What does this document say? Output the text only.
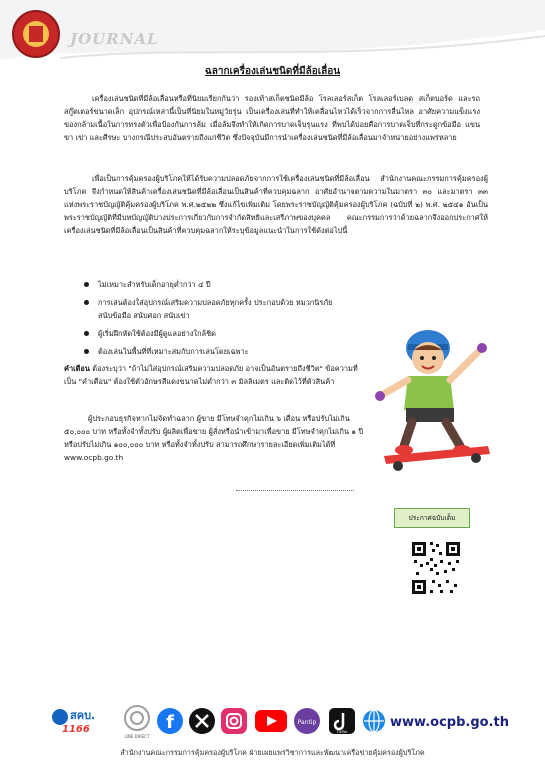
JOURNAL
ฉลากเครื่องเล่นชนิดที่มีล้อเลื่อน

เครื่องเล่นชนิดที่มีล้อเลื่อนหรือที่นิยมเรียกกันว่า รองเท้าสเก็ตชนิดมีล้อ โรลเลอร์สเก็ต โรลเลอร์เบลด สเก็ตบอร์ด และรถสกู๊ตเตอร์ขนาดเล็ก อุปกรณ์เหล่านี้เป็นที่นิยมในหมู่วัยรุ่น เป็นเครื่องเล่นที่ทำให้เคลื่อนไหวได้เร็วจากการลื่นไหล อาศัยความแข็งแรงของกล้ามเนื้อในการทรงตัวเพื่อป้องกันการล้ม เมื่อล้มจึงทำให้เกิดการบาดเจ็บรุนแรง ที่พบได้บ่อยคือการบาดเจ็บที่กระดูกข้อมือ แขน ขา เข่า และศีรษะ บางกรณีประสบอันตรายถึงแก่ชีวิต ซึ่งปัจจุบันมีการนำเครื่องเล่นชนิดที่มีล้อเลื่อนมาจำหน่ายอย่างแพร่หลาย

เพื่อเป็นการคุ้มครองผู้บริโภคให้ได้รับความปลอดภัยจากการใช้เครื่องเล่นชนิดที่มีล้อเลื่อน สำนักงานคณะกรรมการคุ้มครองผู้บริโภค จึงกำหนดให้สินค้าเครื่องเล่นชนิดที่มีล้อเลื่อนเป็นสินค้าที่ควบคุมฉลาก อาศัยอำนาจตามความในมาตรา ๓๐ และมาตรา ๓๓ แห่งพระราชบัญญัติคุ้มครองผู้บริโภค พ.ศ.๒๕๒๒ ซึ่งแก้ไขเพิ่มเติม โดยพระราชบัญญัติคุ้มครองผู้บริโภค (ฉบับที่ ๒) พ.ศ. ๒๕๔๑ อันเป็นพระราชบัญญัติที่มีบทบัญญัติบางประการเกี่ยวกับการจำกัดสิทธิและเสรีภาพของบุคคล คณะกรรมการว่าด้วยฉลากจึงออกประกาศให้เครื่องเล่นชนิดที่มีล้อเลื่อนเป็นสินค้าที่ควบคุมฉลากให้ระบุข้อมูลแนะนำในการใช้ดังต่อไปนี้

ไม่เหมาะสำหรับเด็กอายุต่ำกว่า ๔ ปี
การเล่นต้องใส่อุปกรณ์เสริมความปลอดภัยทุกครั้ง ประกอบด้วย หมวกนิรภัย สนับข้อมือ สนับศอก สนับเข่า
ผู้เริ่มฝึกหัดใช้ต้องมีผู้ดูแลอย่างใกล้ชิด
ต้องเล่นในพื้นที่ที่เหมาะสมกับการเล่นโดยเฉพาะ

คำเตือน ต้องระบุว่า "ถ้าไม่ใส่อุปกรณ์เสริมความปลอดภัย อาจเป็นอันตรายถึงชีวิต" ข้อความที่เป็น "คำเตือน" ต้องใช้ตัวอักษรสีแดงขนาดไม่ต่ำกว่า ๓ มิลลิเมตร และติดไว้ที่ตัวสินค้า

ผู้ประกอบธุรกิจหากไม่จัดทำฉลาก ผู้ขาย มีโทษจำคุกไม่เกิน ๖ เดือน หรือปรับไม่เกิน ๕๐,๐๐๐ บาท หรือทั้งจำทั้งปรับ ผู้ผลิตเพื่อขาย ผู้สั่งหรือนำเข้ามาเพื่อขาย มีโทษจำคุกไม่เกิน ๑ ปี หรือปรับไม่เกิน ๑๐๐,๐๐๐ บาท หรือทั้งจำทั้งปรับ สามารถศึกษารายละเอียดเพิ่มเติมได้ที่ www.ocpb.go.th

ประกาศฉบับเต็ม
สคบ.
1166
LINE DIRECT
f	Pantip
TikTok
www.ocpb.go.th
สำนักงานคณะกรรมการคุ้มครองผู้บริโภค ฝ่ายเผยแพร่วิชาการและพัฒนาเครือข่ายคุ้มครองผู้บริโภค
